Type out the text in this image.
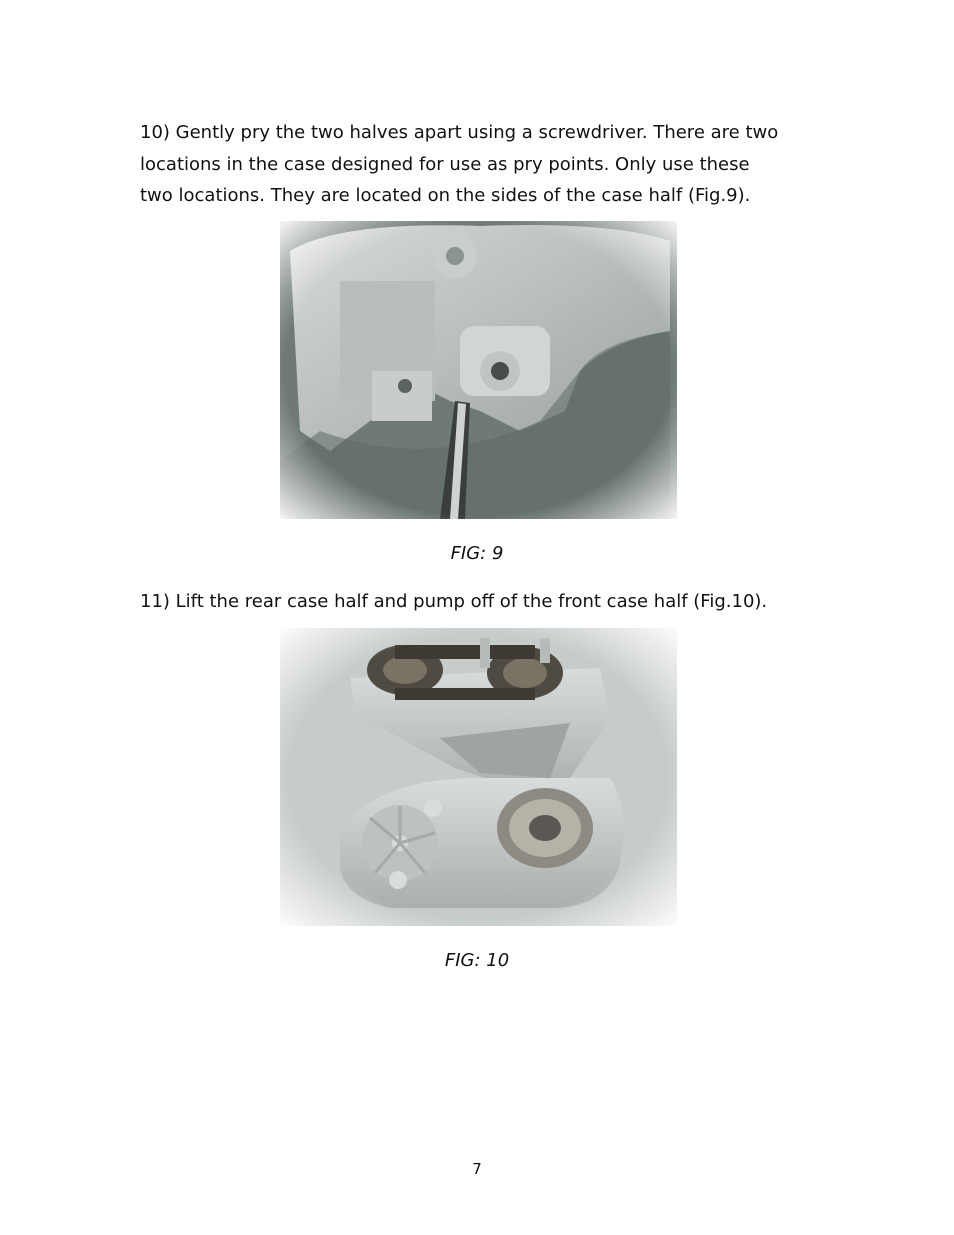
10) Gently pry the two halves apart using a screwdriver. There are two
locations in the case designed for use as pry points. Only use these
two locations. They are located on the sides of the case half (Fig.9).
FIG: 9

11) Lift the rear case half and pump off of the front case half (Fig.10).

FIG: 10
7
